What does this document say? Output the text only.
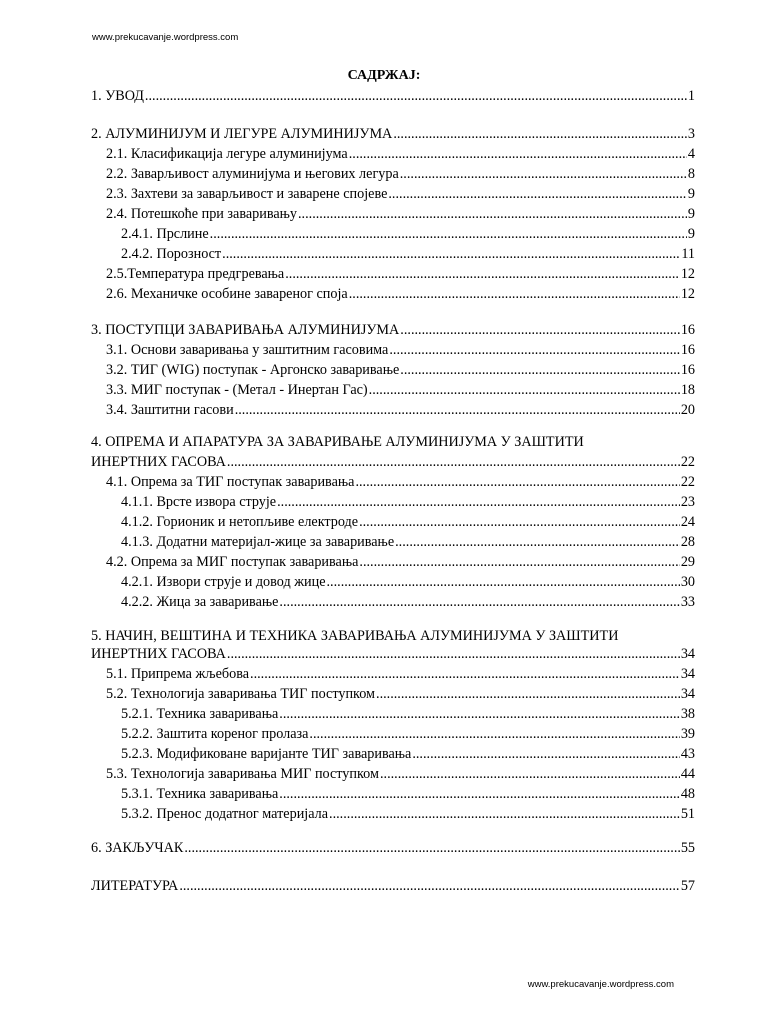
www.prekucavanje.wordpress.com
САДРЖАЈ:
1. УВОД .....	1
2. АЛУМИНИЈУМ И ЛЕГУРЕ АЛУМИНИЈУМА .....	3
2.1. Класификација легуре алуминијума .....	4
2.2. Заварљивост алуминијума и његових легура .....	8
2.3. Захтеви за заварљивост и заварене спојеве .....	9
2.4. Потешкоће при заваривању .....	9
2.4.1. Прслине .....	9
2.4.2. Порозност .....	11
2.5.Температура предгревања .....	12
2.6. Механичке особине завареног споја .....	12
3. ПОСТУПЦИ ЗАВАРИВАЊА АЛУМИНИЈУМА .....	16
3.1. Основи заваривања у заштитним гасовима .....	16
3.2. ТИГ (WIG) поступак - Аргонско заваривање .....	16
3.3. МИГ поступак - (Метал - Инертан Гас) .....	18
3.4. Заштитни гасови .....	20
4. ОПРЕМА И АПАРАТУРА ЗА ЗАВАРИВАЊЕ АЛУМИНИЈУМА У ЗАШТИТИ
ИНЕРТНИХ ГАСОВА .....	22
4.1. Опрема за ТИГ поступак заваривања .....	22
4.1.1. Врсте извора струје .....	23
4.1.2. Горионик и нетопљиве електроде .....	24
4.1.3. Додатни материјал-жице за заваривање .....	28
4.2. Опрема за МИГ поступак заваривања .....	29
4.2.1. Извори струје и довод жице .....	30
4.2.2. Жица за заваривање .....	33
5. НАЧИН, ВЕШТИНА И ТЕХНИКА ЗАВАРИВАЊА АЛУМИНИЈУМА У ЗАШТИТИ
ИНЕРТНИХ ГАСОВА .....	34
5.1. Припрема жљебова .....	34
5.2. Технологија заваривања ТИГ поступком .....	34
5.2.1. Техника заваривања .....	38
5.2.2. Заштита кореног пролаза .....	39
5.2.3. Модификоване варијанте ТИГ заваривања .....	43
5.3. Технологија заваривања МИГ поступком .....	44
5.3.1. Техника заваривања .....	48
5.3.2. Пренос додатног материјала .....	51
6. ЗАКЉУЧАК .....	55
ЛИТЕРАТУРА .....	57
www.prekucavanje.wordpress.com
